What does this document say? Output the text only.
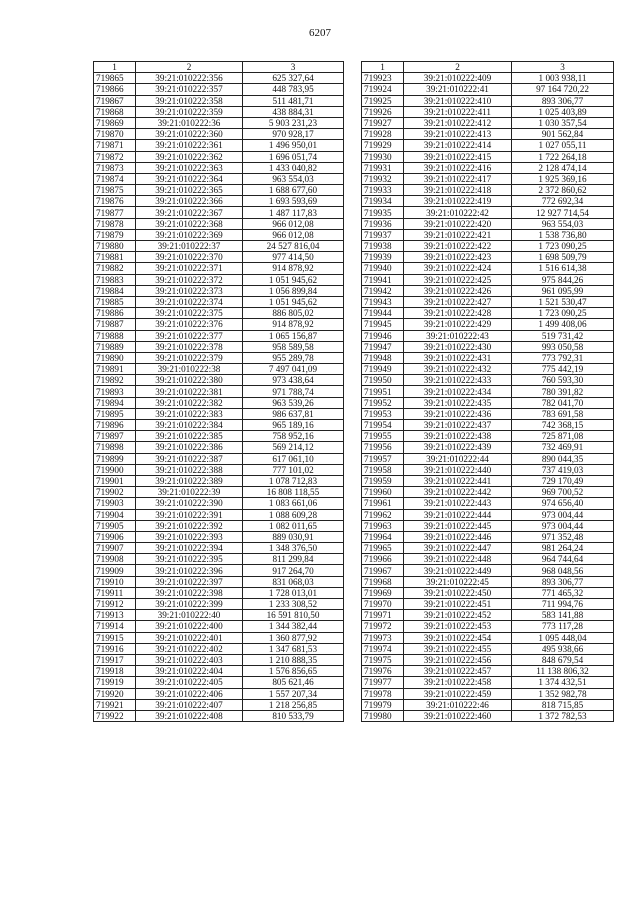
6207
1	2	3
719865	39:21:010222:356	625 327,64
719866	39:21:010222:357	448 783,95
719867	39:21:010222:358	511 481,71
719868	39:21:010222:359	438 884,31
719869	39:21:010222:36	5 903 231,23
719870	39:21:010222:360	970 928,17
719871	39:21:010222:361	1 496 950,01
719872	39:21:010222:362	1 696 051,74
719873	39:21:010222:363	1 433 040,82
719874	39:21:010222:364	963 554,03
719875	39:21:010222:365	1 688 677,60
719876	39:21:010222:366	1 693 593,69
719877	39:21:010222:367	1 487 117,83
719878	39:21:010222:368	966 012,08
719879	39:21:010222:369	966 012,08
719880	39:21:010222:37	24 527 816,04
719881	39:21:010222:370	977 414,50
719882	39:21:010222:371	914 878,92
719883	39:21:010222:372	1 051 945,62
719884	39:21:010222:373	1 056 899,84
719885	39:21:010222:374	1 051 945,62
719886	39:21:010222:375	886 805,02
719887	39:21:010222:376	914 878,92
719888	39:21:010222:377	1 065 156,87
719889	39:21:010222:378	958 589,58
719890	39:21:010222:379	955 289,78
719891	39:21:010222:38	7 497 041,09
719892	39:21:010222:380	973 438,64
719893	39:21:010222:381	971 788,74
719894	39:21:010222:382	963 539,26
719895	39:21:010222:383	986 637,81
719896	39:21:010222:384	965 189,16
719897	39:21:010222:385	758 952,16
719898	39:21:010222:386	569 214,12
719899	39:21:010222:387	617 061,10
719900	39:21:010222:388	777 101,02
719901	39:21:010222:389	1 078 712,83
719902	39:21:010222:39	16 808 118,55
719903	39:21:010222:390	1 083 661,06
719904	39:21:010222:391	1 088 609,28
719905	39:21:010222:392	1 082 011,65
719906	39:21:010222:393	889 030,91
719907	39:21:010222:394	1 348 376,50
719908	39:21:010222:395	811 299,84
719909	39:21:010222:396	917 264,70
719910	39:21:010222:397	831 068,03
719911	39:21:010222:398	1 728 013,01
719912	39:21:010222:399	1 233 308,52
719913	39:21:010222:40	16 591 810,50
719914	39:21:010222:400	1 344 382,44
719915	39:21:010222:401	1 360 877,92
719916	39:21:010222:402	1 347 681,53
719917	39:21:010222:403	1 210 888,35
719918	39:21:010222:404	1 576 856,65
719919	39:21:010222:405	805 621,46
719920	39:21:010222:406	1 557 207,34
719921	39:21:010222:407	1 218 256,85
719922	39:21:010222:408	810 533,79
1	2	3
719923	39:21:010222:409	1 003 938,11
719924	39:21:010222:41	97 164 720,22
719925	39:21:010222:410	893 306,77
719926	39:21:010222:411	1 025 403,89
719927	39:21:010222:412	1 030 357,54
719928	39:21:010222:413	901 562,84
719929	39:21:010222:414	1 027 055,11
719930	39:21:010222:415	1 722 264,18
719931	39:21:010222:416	2 128 474,14
719932	39:21:010222:417	1 925 369,16
719933	39:21:010222:418	2 372 860,62
719934	39:21:010222:419	772 692,34
719935	39:21:010222:42	12 927 714,54
719936	39:21:010222:420	963 554,03
719937	39:21:010222:421	1 538 736,80
719938	39:21:010222:422	1 723 090,25
719939	39:21:010222:423	1 698 509,79
719940	39:21:010222:424	1 516 614,38
719941	39:21:010222:425	975 844,26
719942	39:21:010222:426	961 095,99
719943	39:21:010222:427	1 521 530,47
719944	39:21:010222:428	1 723 090,25
719945	39:21:010222:429	1 499 408,06
719946	39:21:010222:43	519 731,42
719947	39:21:010222:430	993 050,58
719948	39:21:010222:431	773 792,31
719949	39:21:010222:432	775 442,19
719950	39:21:010222:433	760 593,30
719951	39:21:010222:434	780 391,82
719952	39:21:010222:435	782 041,70
719953	39:21:010222:436	783 691,58
719954	39:21:010222:437	742 368,15
719955	39:21:010222:438	725 871,08
719956	39:21:010222:439	732 469,91
719957	39:21:010222:44	890 044,35
719958	39:21:010222:440	737 419,03
719959	39:21:010222:441	729 170,49
719960	39:21:010222:442	969 700,52
719961	39:21:010222:443	974 656,40
719962	39:21:010222:444	973 004,44
719963	39:21:010222:445	973 004,44
719964	39:21:010222:446	971 352,48
719965	39:21:010222:447	981 264,24
719966	39:21:010222:448	964 744,64
719967	39:21:010222:449	968 048,56
719968	39:21:010222:45	893 306,77
719969	39:21:010222:450	771 465,32
719970	39:21:010222:451	711 994,76
719971	39:21:010222:452	583 141,88
719972	39:21:010222:453	773 117,28
719973	39:21:010222:454	1 095 448,04
719974	39:21:010222:455	495 938,66
719975	39:21:010222:456	848 679,54
719976	39:21:010222:457	11 138 806,32
719977	39:21:010222:458	1 374 432,51
719978	39:21:010222:459	1 352 982,78
719979	39:21:010222:46	818 715,85
719980	39:21:010222:460	1 372 782,53
